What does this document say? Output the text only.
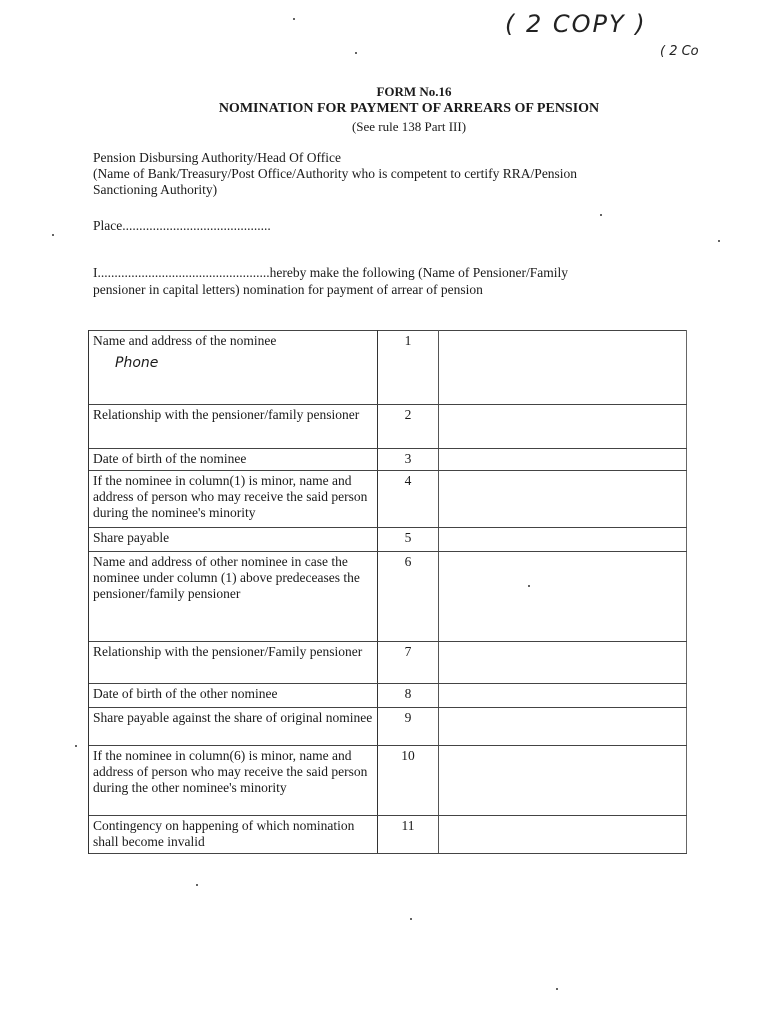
( 2 COPY )
( 2 Co
FORM No.16
NOMINATION FOR PAYMENT OF ARREARS OF PENSION
(See rule 138 Part III)
Pension Disbursing Authority/Head Of Office
(Name of Bank/Treasury/Post Office/Authority who is competent to certify RRA/Pension
Sanctioning Authority)
Place............................................
I...................................................hereby make the following (Name of Pensioner/Family
pensioner in capital letters) nomination for payment of arrear of pension
Name and address of the nominee
Phone	1	
Relationship with the pensioner/family pensioner	2	
Date of birth of the nominee	3	
If the nominee in column(1) is minor, name and address of person who may receive the said person during the nominee's minority	4	
Share payable	5	
Name and address of other nominee in case the nominee under column (1) above predeceases the pensioner/family pensioner	6	
Relationship with the pensioner/Family pensioner	7	
Date of birth of the other nominee	8	
Share payable against the share of original nominee	9	
If the nominee in column(6) is minor, name and address of person who may receive the said person during the other nominee's minority	10	
Contingency on happening of which nomination shall become invalid	11	
